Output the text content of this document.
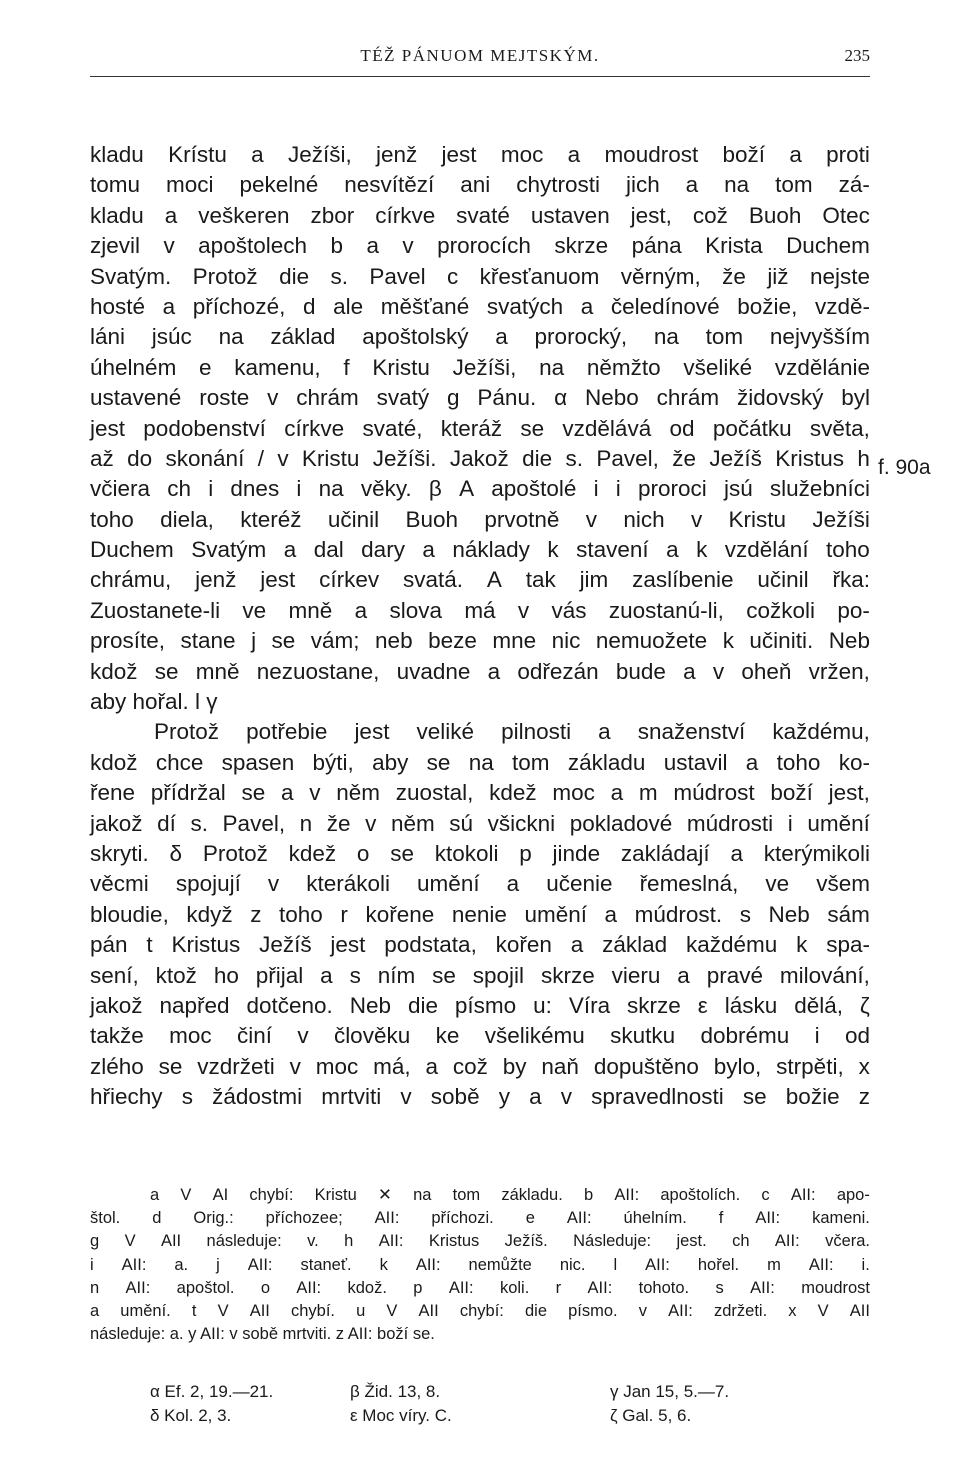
TÉŽ PÁNUOM MEJTSKÝM.	235
kladu Krístu a Ježíši, jenž jest moc a moudrost boží a proti
tomu moci pekelné nesvítězí ani chytrosti jich a na tom zá-
kladu a veškeren zbor církve svaté ustaven jest, což Buoh Otec
zjevil v apoštolech b a v prorocích skrze pána Krista Duchem
Svatým. Protož die s. Pavel c křesťanuom věrným, že již nejste
hosté a příchozé, d ale měšťané svatých a čeledínové božie, vzdě-
láni jsúc na základ apoštolský a prorocký, na tom nejvyšším
úhelném e kamenu, f Kristu Ježíši, na němžto všeliké vzdělánie
ustavené roste v chrám svatý g Pánu. α Nebo chrám židovský byl
jest podobenství církve svaté, kteráž se vzdělává od počátku světa,
až do skonání / v Kristu Ježíši. Jakož die s. Pavel, že Ježíš Kristus h
včiera ch i dnes i na věky. β A apoštolé i i proroci jsú služebníci
toho diela, kteréž učinil Buoh prvotně v nich v Kristu Ježíši
Duchem Svatým a dal dary a náklady k stavení a k vzdělání toho
chrámu, jenž jest církev svatá. A tak jim zaslíbenie učinil řka:
Zuostanete-li ve mně a slova má v vás zuostanú-li, cožkoli po-
prosíte, stane j se vám; neb beze mne nic nemuožete k učiniti. Neb
kdož se mně nezuostane, uvadne a odřezán bude a v oheň vržen,
aby hořal. l γ
Protož potřebie jest veliké pilnosti a snaženství každému,
kdož chce spasen býti, aby se na tom základu ustavil a toho ko-
řene přídržal se a v něm zuostal, kdež moc a m múdrost boží jest,
jakož dí s. Pavel, n že v něm sú všickni pokladové múdrosti i umění
skryti. δ Protož kdež o se ktokoli p jinde zakládají a kterýmikoli
věcmi spojují v kterákoli umění a učenie řemeslná, ve všem
bloudie, když z toho r kořene nenie umění a múdrost. s Neb sám
pán t Kristus Ježíš jest podstata, kořen a základ každému k spa-
sení, ktož ho přijal a s ním se spojil skrze vieru a pravé milování,
jakož napřed dotčeno. Neb die písmo u: Víra skrze ε lásku dělá, ζ
takže moc činí v člověku ke všelikému skutku dobrému i od
zlého se vzdržeti v moc má, a což by naň dopuštěno bylo, strpěti, x
hřiechy s žádostmi mrtviti v sobě y a v spravedlnosti se božie z
f. 90a
a V AI chybí: Kristu ✕ na tom základu. b AII: apoštolích. c AII: apo-
štol. d Orig.: příchozee; AII: příchozi. e AII: úhelním. f AII: kameni.
g V AII následuje: v. h AII: Kristus Ježíš. Následuje: jest. ch AII: včera.
i AII: a. j AII: staneť. k AII: nemůžte nic. l AII: hořel. m AII: i.
n AII: apoštol. o AII: kdož. p AII: koli. r AII: tohoto. s AII: moudrost
a umění. t V AII chybí. u V AII chybí: die písmo. v AII: zdržeti. x V AII
následuje: a. y AII: v sobě mrtviti. z AII: boží se.
α Ef. 2, 19.—21.	β Žid. 13, 8.	γ Jan 15, 5.—7.
δ Kol. 2, 3.	ε Moc víry. C.	ζ Gal. 5, 6.
